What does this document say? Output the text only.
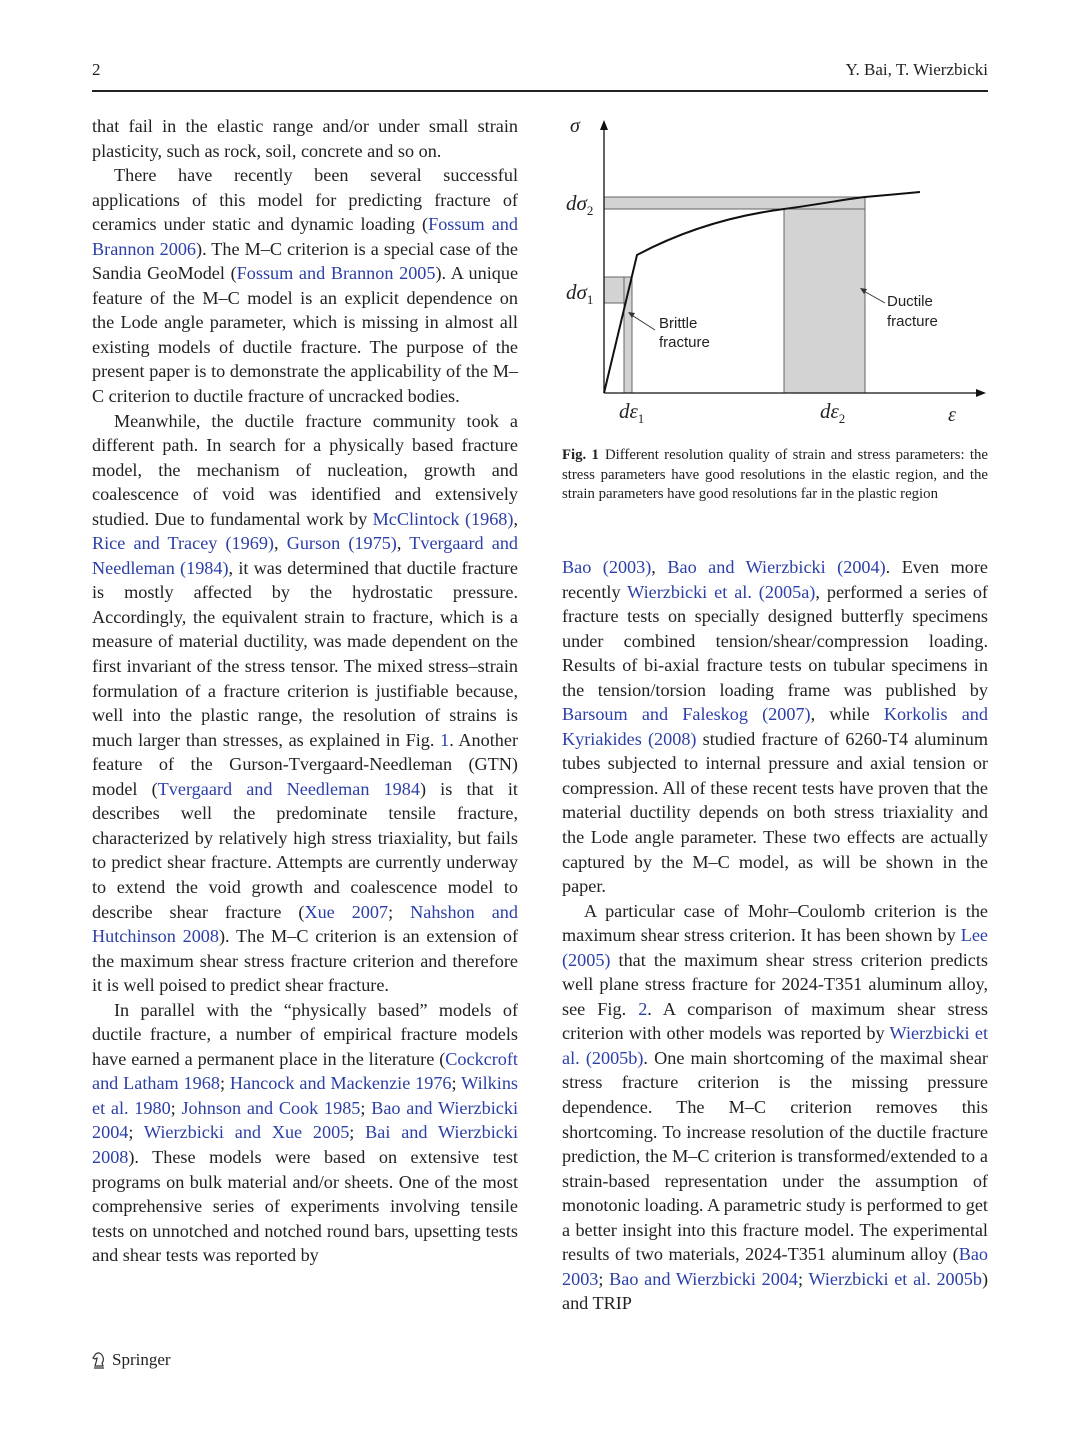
2	Y. Bai, T. Wierzbicki

that fail in the elastic range and/or under small strain plasticity, such as rock, soil, concrete and so on.

There have recently been several successful applications of this model for predicting fracture of ceramics under static and dynamic loading (Fossum and Brannon 2006). The M–C criterion is a special case of the Sandia GeoModel (Fossum and Brannon 2005). A unique feature of the M–C model is an explicit dependence on the Lode angle parameter, which is missing in almost all existing models of ductile fracture. The purpose of the present paper is to demonstrate the applicability of the M–C criterion to ductile fracture of uncracked bodies.

Meanwhile, the ductile fracture community took a different path. In search for a physically based fracture model, the mechanism of nucleation, growth and coalescence of void was identified and extensively studied. Due to fundamental work by McClintock (1968), Rice and Tracey (1969), Gurson (1975), Tvergaard and Needleman (1984), it was determined that ductile fracture is mostly affected by the hydrostatic pressure. Accordingly, the equivalent strain to fracture, which is a measure of material ductility, was made dependent on the first invariant of the stress tensor. The mixed stress–strain formulation of a fracture criterion is justifiable because, well into the plastic range, the resolution of strains is much larger than stresses, as explained in Fig. 1. Another feature of the Gurson-Tvergaard-Needleman (GTN) model (Tvergaard and Needleman 1984) is that it describes well the predominate tensile fracture, characterized by relatively high stress triaxiality, but fails to predict shear fracture. Attempts are currently underway to extend the void growth and coalescence model to describe shear fracture (Xue 2007; Nahshon and Hutchinson 2008). The M–C criterion is an extension of the maximum shear stress fracture criterion and therefore it is well poised to predict shear fracture.

In parallel with the “physically based” models of ductile fracture, a number of empirical fracture models have earned a permanent place in the literature (Cockcroft and Latham 1968; Hancock and Mackenzie 1976; Wilkins et al. 1980; Johnson and Cook 1985; Bao and Wierzbicki 2004; Wierzbicki and Xue 2005; Bai and Wierzbicki 2008). These models were based on extensive test programs on bulk material and/or sheets. One of the most comprehensive series of experiments involving tensile tests on unnotched and notched round bars, upsetting tests and shear tests was reported by

σ
ε
$d\sigma_2$
$d\sigma_1$
$d\varepsilon_1$	$d\varepsilon_2$
Brittle
fracture
Ductile
fracture
Fig. 1 Different resolution quality of strain and stress parameters: the stress parameters have good resolutions in the elastic region, and the strain parameters have good resolutions far in the plastic region

Bao (2003), Bao and Wierzbicki (2004). Even more recently Wierzbicki et al. (2005a), performed a series of fracture tests on specially designed butterfly specimens under combined tension/shear/compression loading. Results of bi-axial fracture tests on tubular specimens in the tension/torsion loading frame was published by Barsoum and Faleskog (2007), while Korkolis and Kyriakides (2008) studied fracture of 6260-T4 aluminum tubes subjected to internal pressure and axial tension or compression. All of these recent tests have proven that the material ductility depends on both stress triaxiality and the Lode angle parameter. These two effects are actually captured by the M–C model, as will be shown in the paper.

A particular case of Mohr–Coulomb criterion is the maximum shear stress criterion. It has been shown by Lee (2005) that the maximum shear stress criterion predicts well plane stress fracture for 2024-T351 aluminum alloy, see Fig. 2. A comparison of maximum shear stress criterion with other models was reported by Wierzbicki et al. (2005b). One main shortcoming of the maximal shear stress fracture criterion is the missing pressure dependence. The M–C criterion removes this shortcoming. To increase resolution of the ductile fracture prediction, the M–C criterion is transformed/extended to a strain-based representation under the assumption of monotonic loading. A parametric study is performed to get a better insight into this fracture model. The experimental results of two materials, 2024-T351 aluminum alloy (Bao 2003; Bao and Wierzbicki 2004; Wierzbicki et al. 2005b) and TRIP

Springer
